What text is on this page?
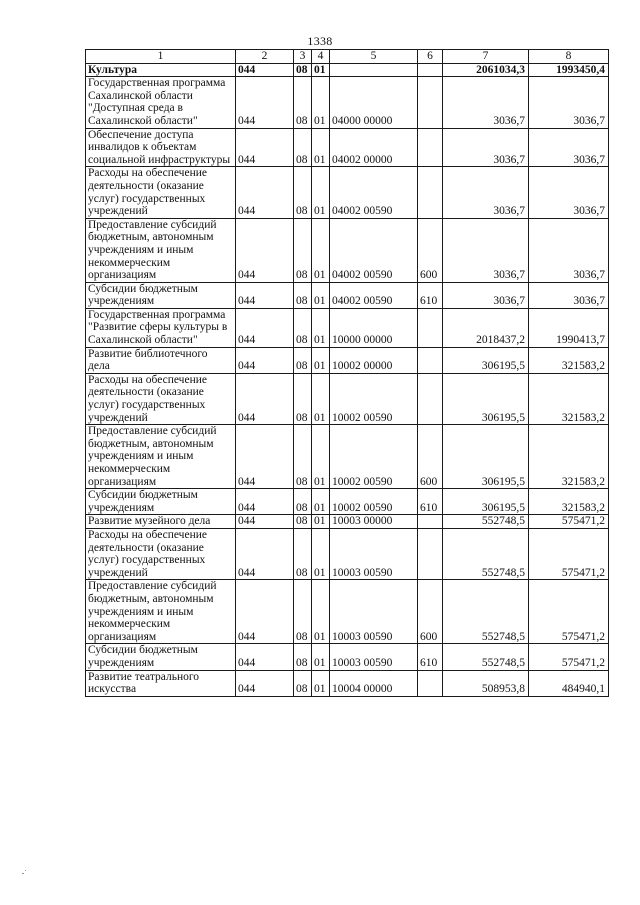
1338
1	2	3	4	5	6	7	8
Культура	044	08	01			2061034,3	1993450,4
Государственная программа Сахалинской области "Доступная среда в Сахалинской области"	044	08	01	04000 00000		3036,7	3036,7
Обеспечение доступа инвалидов к объектам социальной инфраструктуры	044	08	01	04002 00000		3036,7	3036,7
Расходы на обеспечение деятельности (оказание услуг) государственных учреждений	044	08	01	04002 00590		3036,7	3036,7
Предоставление субсидий бюджетным, автономным учреждениям и иным некоммерческим организациям	044	08	01	04002 00590	600	3036,7	3036,7
Субсидии бюджетным учреждениям	044	08	01	04002 00590	610	3036,7	3036,7
Государственная программа "Развитие сферы культуры в Сахалинской области"	044	08	01	10000 00000		2018437,2	1990413,7
Развитие библиотечного дела	044	08	01	10002 00000		306195,5	321583,2
Расходы на обеспечение деятельности (оказание услуг) государственных учреждений	044	08	01	10002 00590		306195,5	321583,2
Предоставление субсидий бюджетным, автономным учреждениям и иным некоммерческим организациям	044	08	01	10002 00590	600	306195,5	321583,2
Субсидии бюджетным учреждениям	044	08	01	10002 00590	610	306195,5	321583,2
Развитие музейного дела	044	08	01	10003 00000		552748,5	575471,2
Расходы на обеспечение деятельности (оказание услуг) государственных учреждений	044	08	01	10003 00590		552748,5	575471,2
Предоставление субсидий бюджетным, автономным учреждениям и иным некоммерческим организациям	044	08	01	10003 00590	600	552748,5	575471,2
Субсидии бюджетным учреждениям	044	08	01	10003 00590	610	552748,5	575471,2
Развитие театрального искусства	044	08	01	10004 00000		508953,8	484940,1
